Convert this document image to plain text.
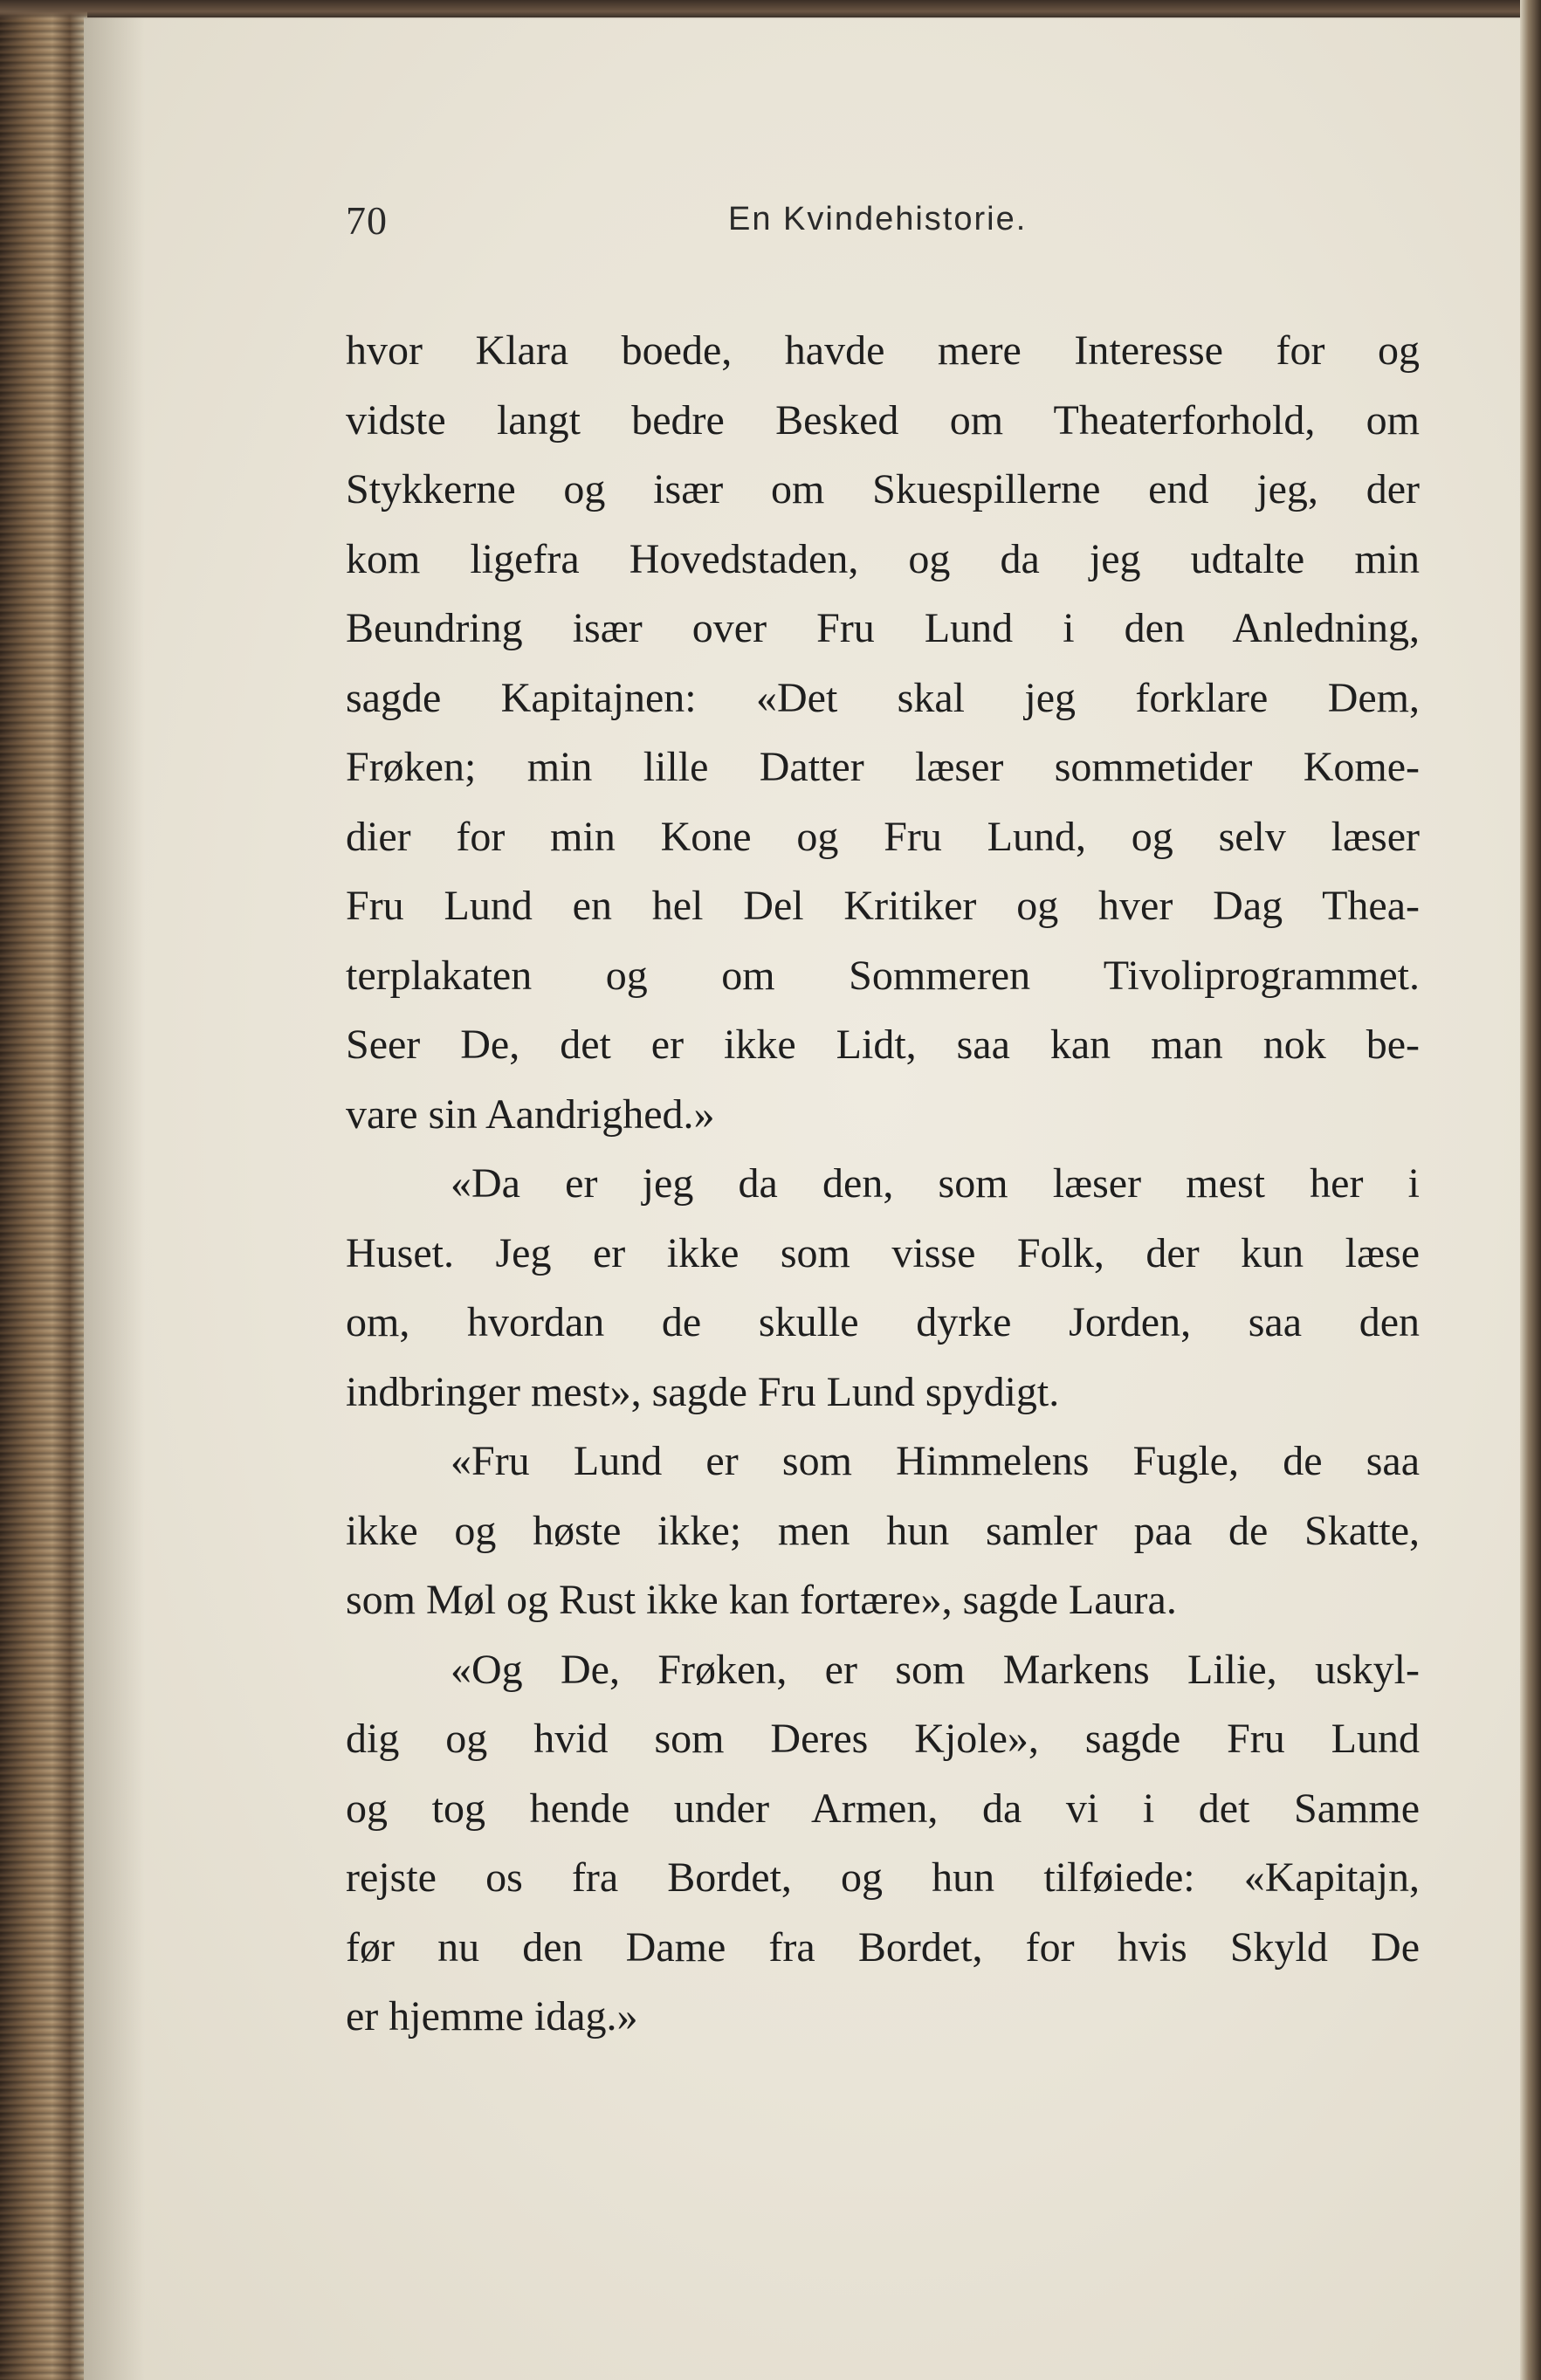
70	En Kvindehistorie.
hvor Klara boede, havde mere Interesse for og
vidste langt bedre Besked om Theaterforhold, om
Stykkerne og især om Skuespillerne end jeg, der
kom ligefra Hovedstaden, og da jeg udtalte min
Beundring især over Fru Lund i den Anledning,
sagde Kapitajnen: «Det skal jeg forklare Dem,
Frøken; min lille Datter læser sommetider Kome-
dier for min Kone og Fru Lund, og selv læser
Fru Lund en hel Del Kritiker og hver Dag Thea-
terplakaten og om Sommeren Tivoliprogrammet.
Seer De, det er ikke Lidt, saa kan man nok be-
vare sin Aandrighed.»
«Da er jeg da den, som læser mest her i
Huset. Jeg er ikke som visse Folk, der kun læse
om, hvordan de skulle dyrke Jorden, saa den
indbringer mest», sagde Fru Lund spydigt.
«Fru Lund er som Himmelens Fugle, de saa
ikke og høste ikke; men hun samler paa de Skatte,
som Møl og Rust ikke kan fortære», sagde Laura.
«Og De, Frøken, er som Markens Lilie, uskyl-
dig og hvid som Deres Kjole», sagde Fru Lund
og tog hende under Armen, da vi i det Samme
rejste os fra Bordet, og hun tilføiede: «Kapitajn,
før nu den Dame fra Bordet, for hvis Skyld De
er hjemme idag.»
